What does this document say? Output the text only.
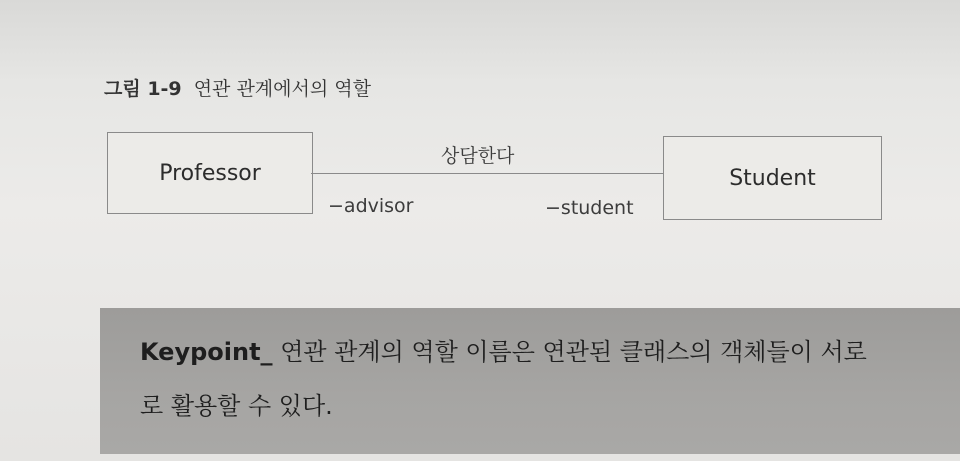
그림 1-9 연관 관계에서의 역할
Professor
상담한다
−advisor	−student
Student
Keypoint_ 연관 관계의 역할 이름은 연관된 클래스의 객체들이 서로
로 활용할 수 있다.
